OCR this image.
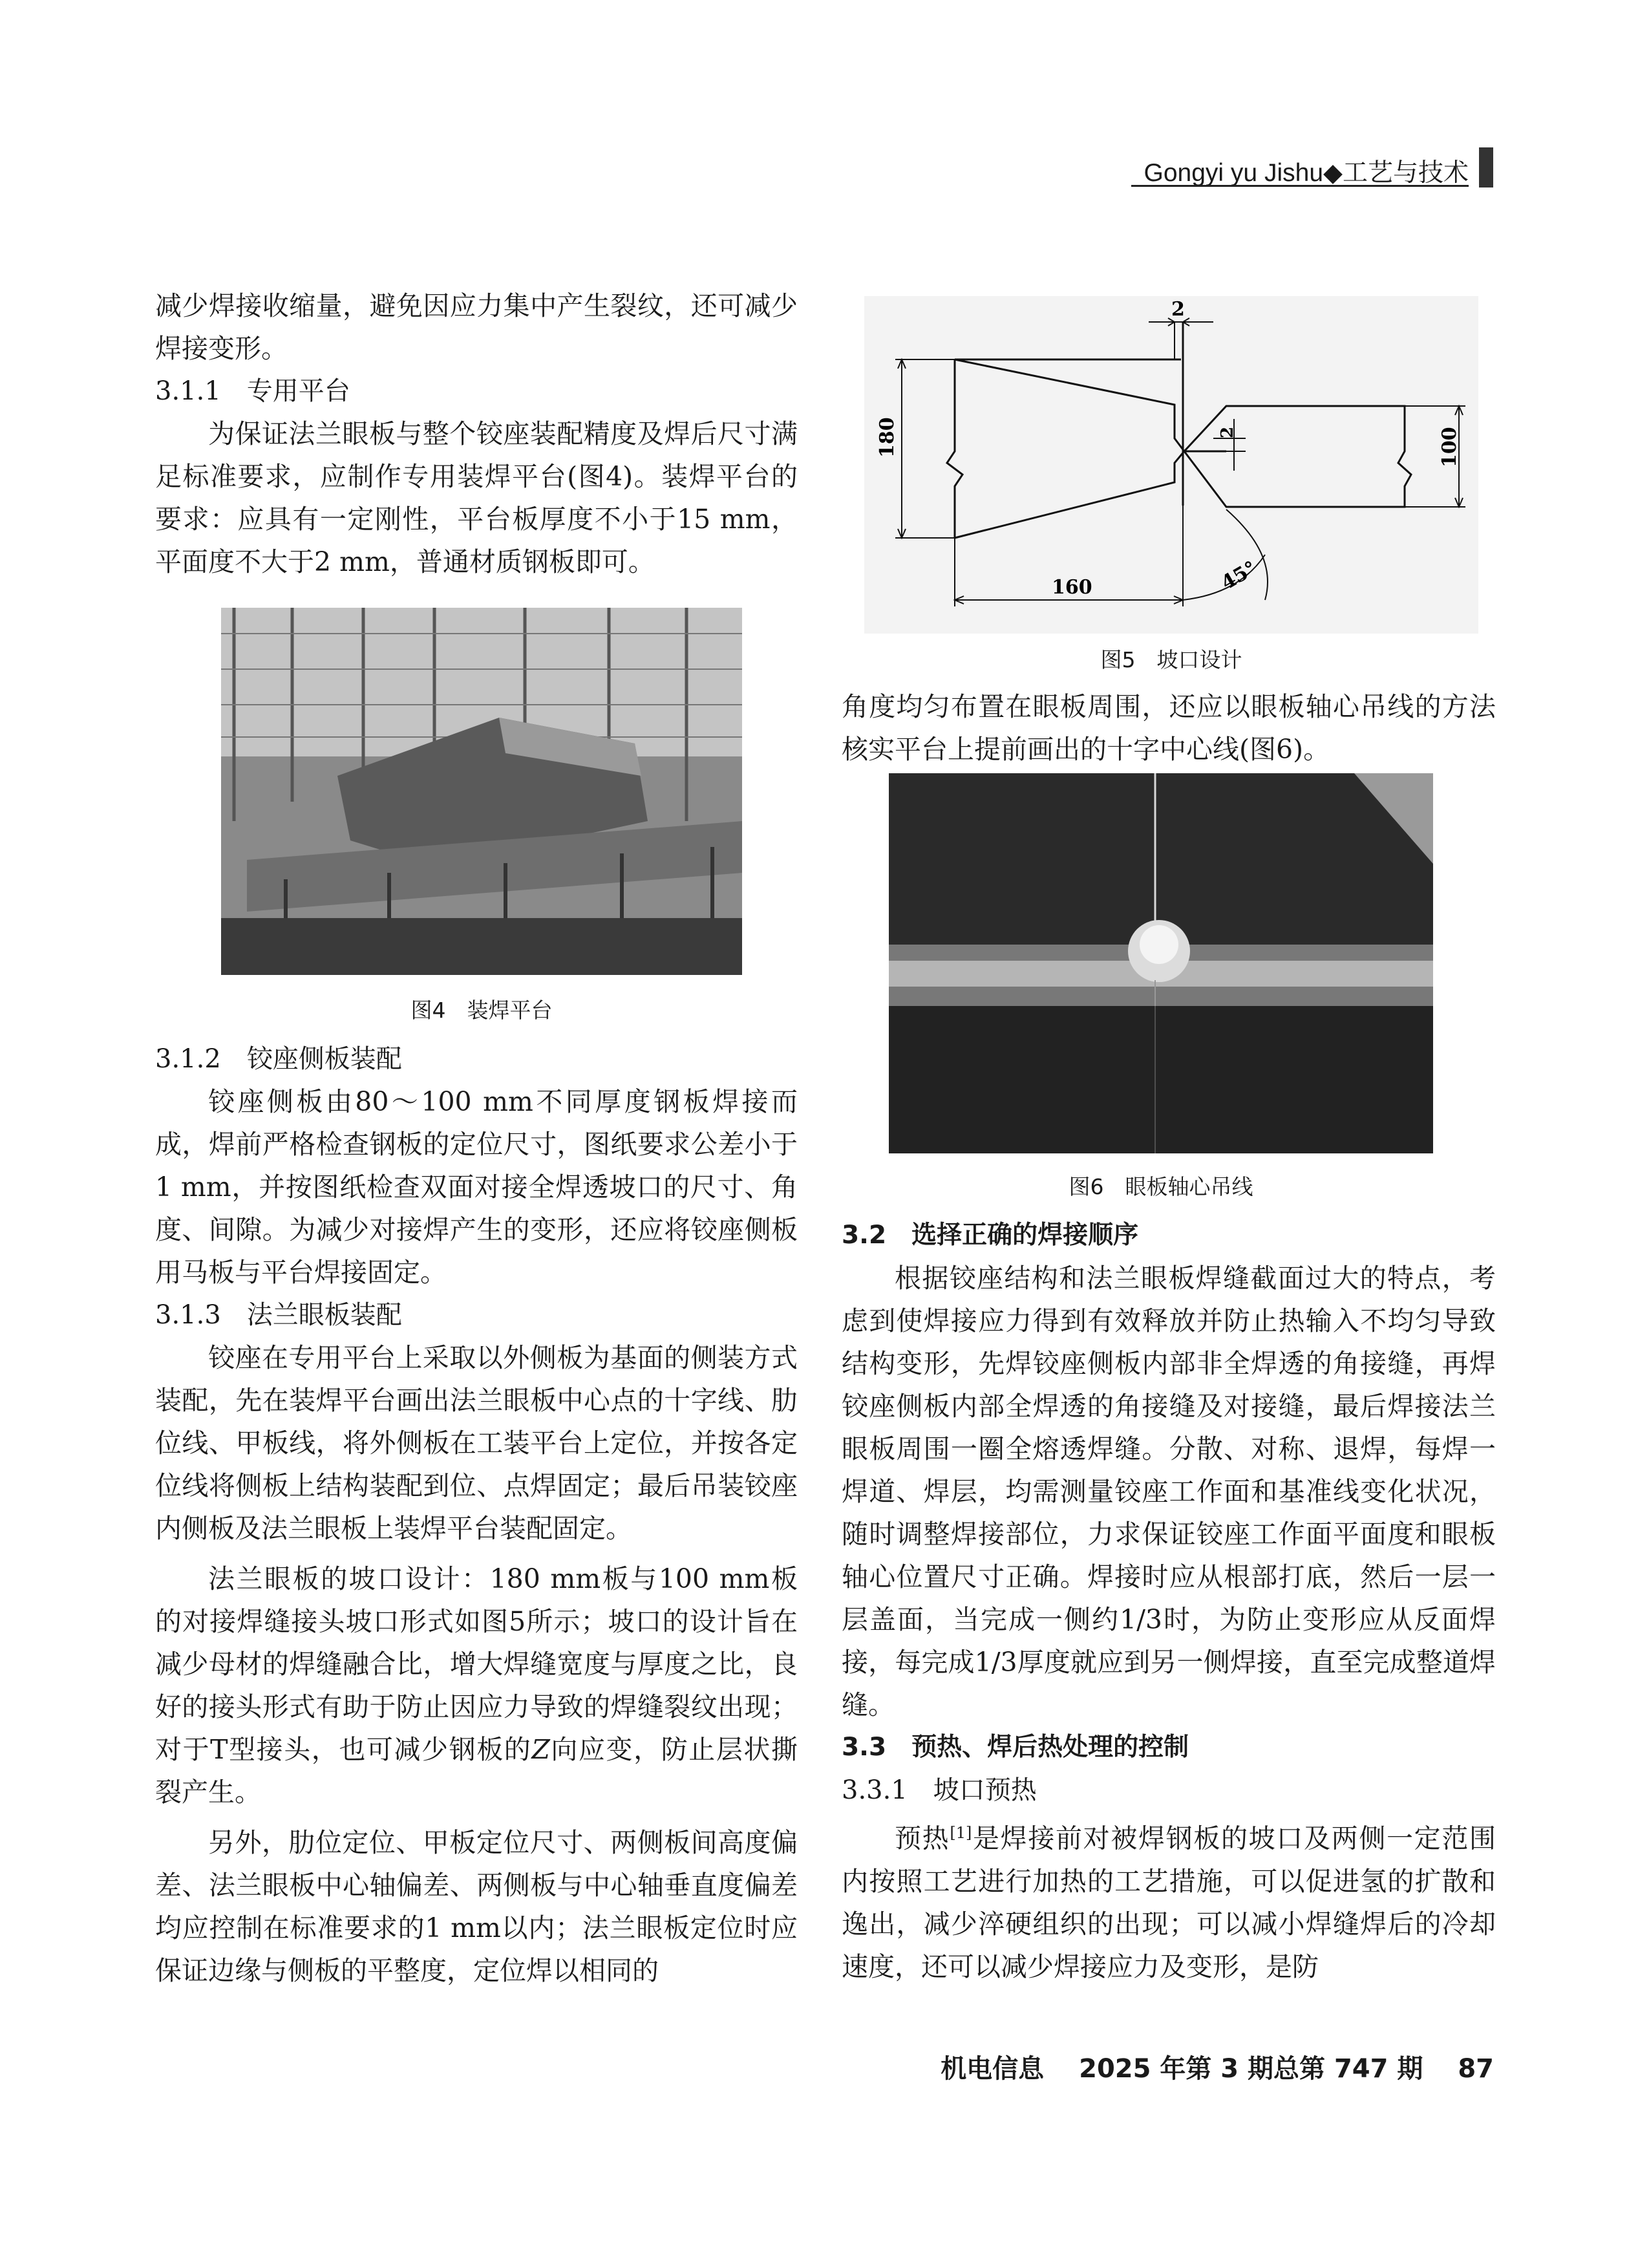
Gongyi yu Jishu◆工艺与技术

减少焊接收缩量，避免因应力集中产生裂纹，还可减少焊接变形。

3.1.1　专用平台

为保证法兰眼板与整个铰座装配精度及焊后尺寸满足标准要求，应制作专用装焊平台(图4)。装焊平台的要求：应具有一定刚性，平台板厚度不小于15 mm，平面度不大于2 mm，普通材质钢板即可。

图4　装焊平台

3.1.2　铰座侧板装配

铰座侧板由80～100 mm不同厚度钢板焊接而成，焊前严格检查钢板的定位尺寸，图纸要求公差小于1 mm，并按图纸检查双面对接全焊透坡口的尺寸、角度、间隙。为减少对接焊产生的变形，还应将铰座侧板用马板与平台焊接固定。

3.1.3　法兰眼板装配

铰座在专用平台上采取以外侧板为基面的侧装方式装配，先在装焊平台画出法兰眼板中心点的十字线、肋位线、甲板线，将外侧板在工装平台上定位，并按各定位线将侧板上结构装配到位、点焊固定；最后吊装铰座内侧板及法兰眼板上装焊平台装配固定。

法兰眼板的坡口设计：180 mm板与100 mm板的对接焊缝接头坡口形式如图5所示；坡口的设计旨在减少母材的焊缝融合比，增大焊缝宽度与厚度之比，良好的接头形式有助于防止因应力导致的焊缝裂纹出现；对于T型接头，也可减少钢板的Z向应变，防止层状撕裂产生。

另外，肋位定位、甲板定位尺寸、两侧板间高度偏差、法兰眼板中心轴偏差、两侧板与中心轴垂直度偏差均应控制在标准要求的1 mm以内；法兰眼板定位时应保证边缘与侧板的平整度，定位焊以相同的

2
2
180	100
160	45°

图5　坡口设计

角度均匀布置在眼板周围，还应以眼板轴心吊线的方法核实平台上提前画出的十字中心线(图6)。

图6　眼板轴心吊线

3.2　选择正确的焊接顺序

根据铰座结构和法兰眼板焊缝截面过大的特点，考虑到使焊接应力得到有效释放并防止热输入不均匀导致结构变形，先焊铰座侧板内部非全焊透的角接缝，再焊铰座侧板内部全焊透的角接缝及对接缝，最后焊接法兰眼板周围一圈全熔透焊缝。分散、对称、退焊，每焊一焊道、焊层，均需测量铰座工作面和基准线变化状况，随时调整焊接部位，力求保证铰座工作面平面度和眼板轴心位置尺寸正确。焊接时应从根部打底，然后一层一层盖面，当完成一侧约1/3时，为防止变形应从反面焊接，每完成1/3厚度就应到另一侧焊接，直至完成整道焊缝。

3.3　预热、焊后热处理的控制

3.3.1　坡口预热

预热[1]是焊接前对被焊钢板的坡口及两侧一定范围内按照工艺进行加热的工艺措施，可以促进氢的扩散和逸出，减少淬硬组织的出现；可以减小焊缝焊后的冷却速度，还可以减少焊接应力及变形，是防

机电信息　 2025 年第 3 期总第 747 期　 87
